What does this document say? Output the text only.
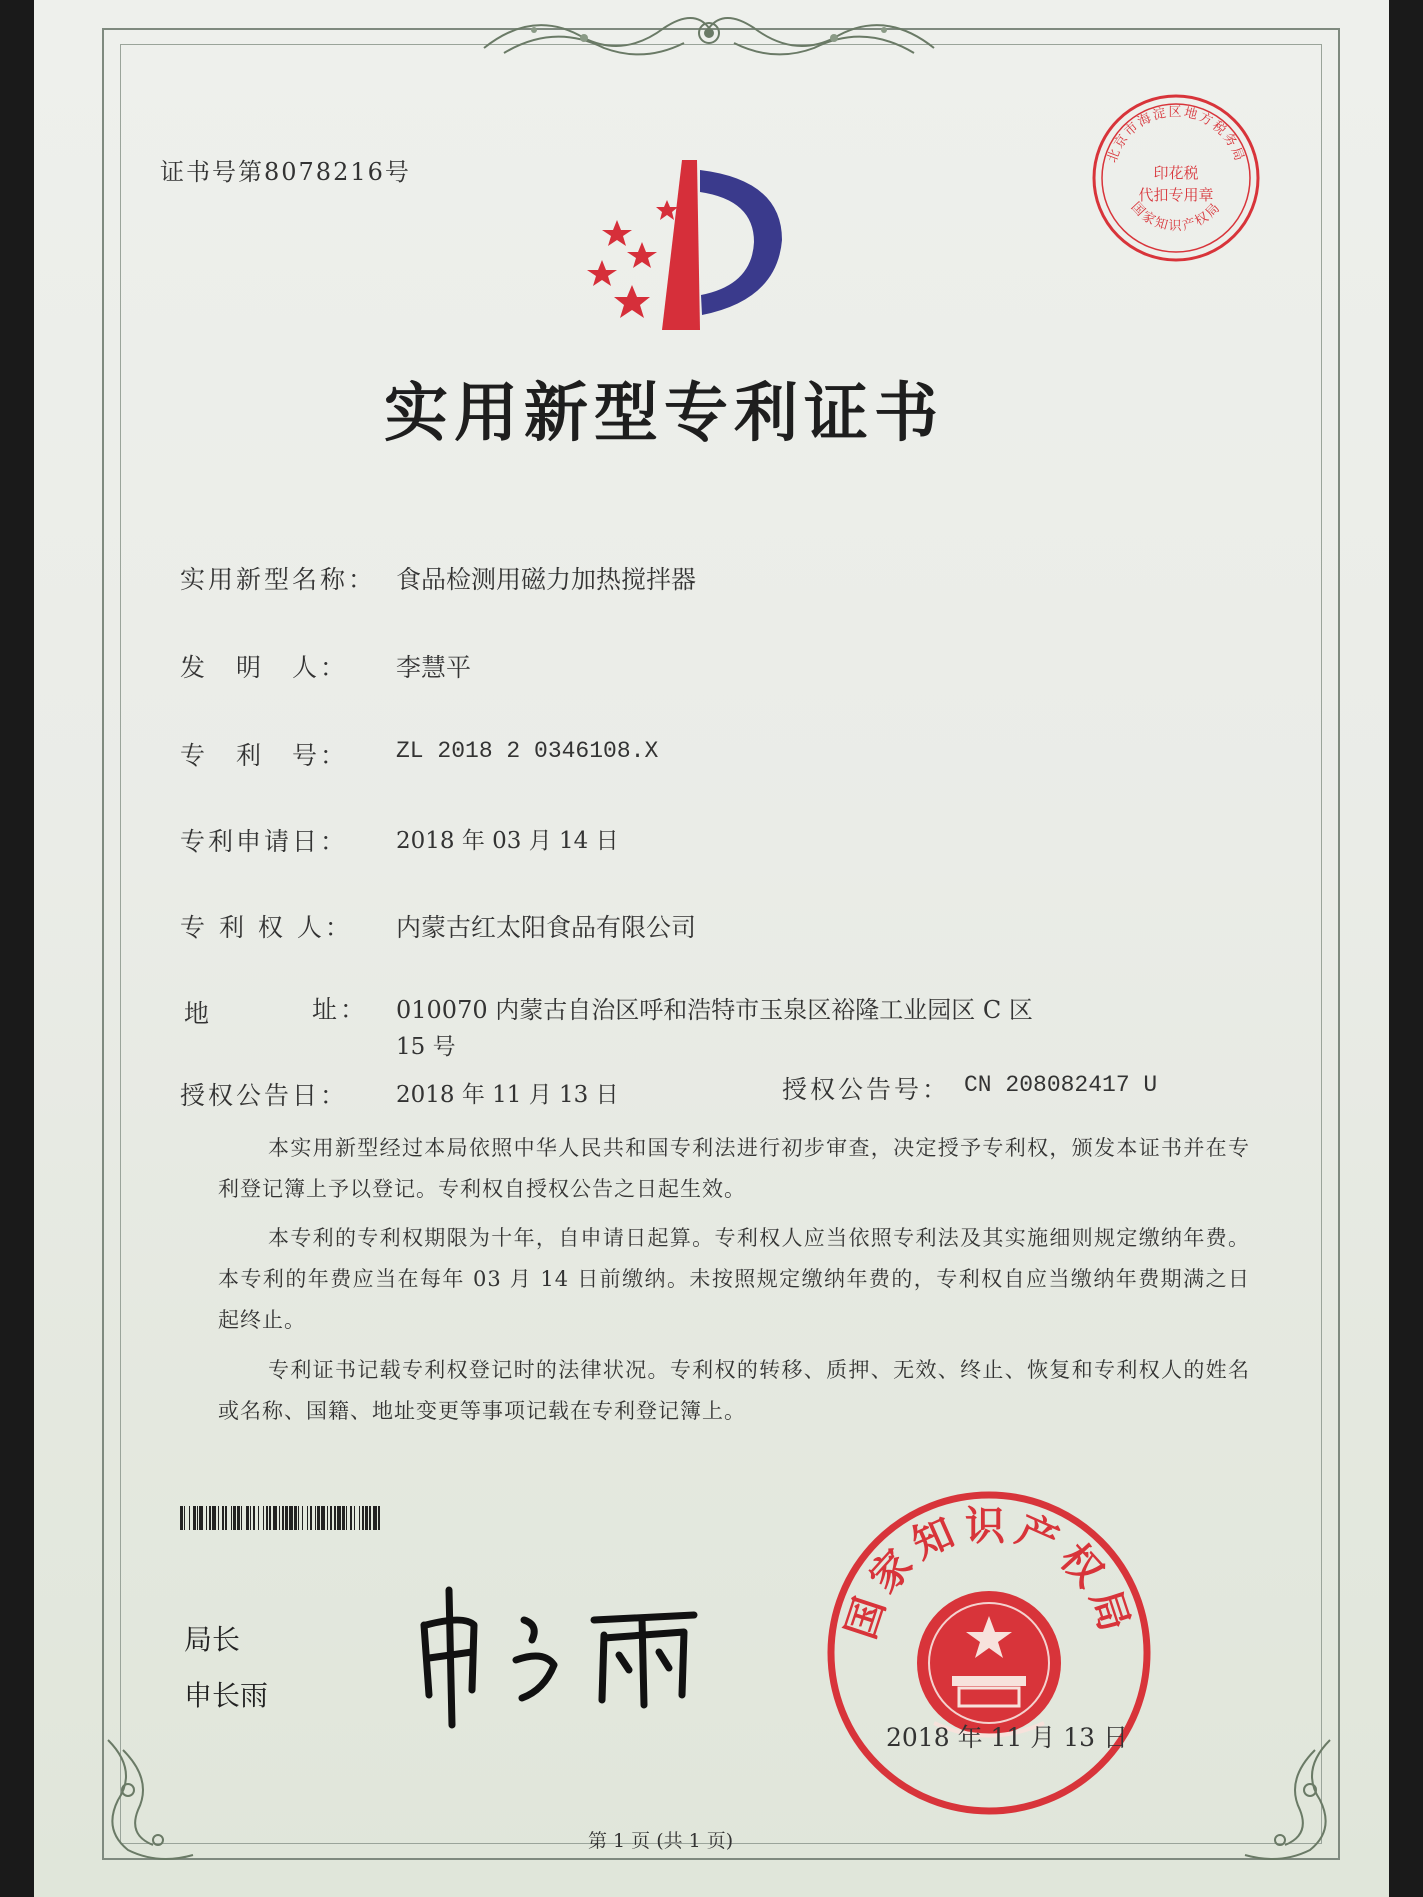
证书号第8078216号
北京市海淀区地方税务局
印花税
代扣专用章
国家知识产权局
实用新型专利证书
实用新型名称： 食品检测用磁力加热搅拌器
发　明　人： 李慧平
专　利　号： ZL 2018 2 0346108.X
专利申请日： 2018 年 03 月 14 日
专 利 权 人： 内蒙古红太阳食品有限公司
地	址： 010070 内蒙古自治区呼和浩特市玉泉区裕隆工业园区 C 区
15 号
授权公告日： 2018 年 11 月 13 日	授权公告号： CN 208082417 U
本实用新型经过本局依照中华人民共和国专利法进行初步审查，决定授予专利权，颁发本证书并在专利登记簿上予以登记。专利权自授权公告之日起生效。
本专利的专利权期限为十年，自申请日起算。专利权人应当依照专利法及其实施细则规定缴纳年费。本专利的年费应当在每年 03 月 14 日前缴纳。未按照规定缴纳年费的，专利权自应当缴纳年费期满之日起终止。
专利证书记载专利权登记时的法律状况。专利权的转移、质押、无效、终止、恢复和专利权人的姓名或名称、国籍、地址变更等事项记载在专利登记簿上。
局长
申长雨
国家知识产权局
2018 年 11 月 13 日
第 1 页 (共 1 页)
